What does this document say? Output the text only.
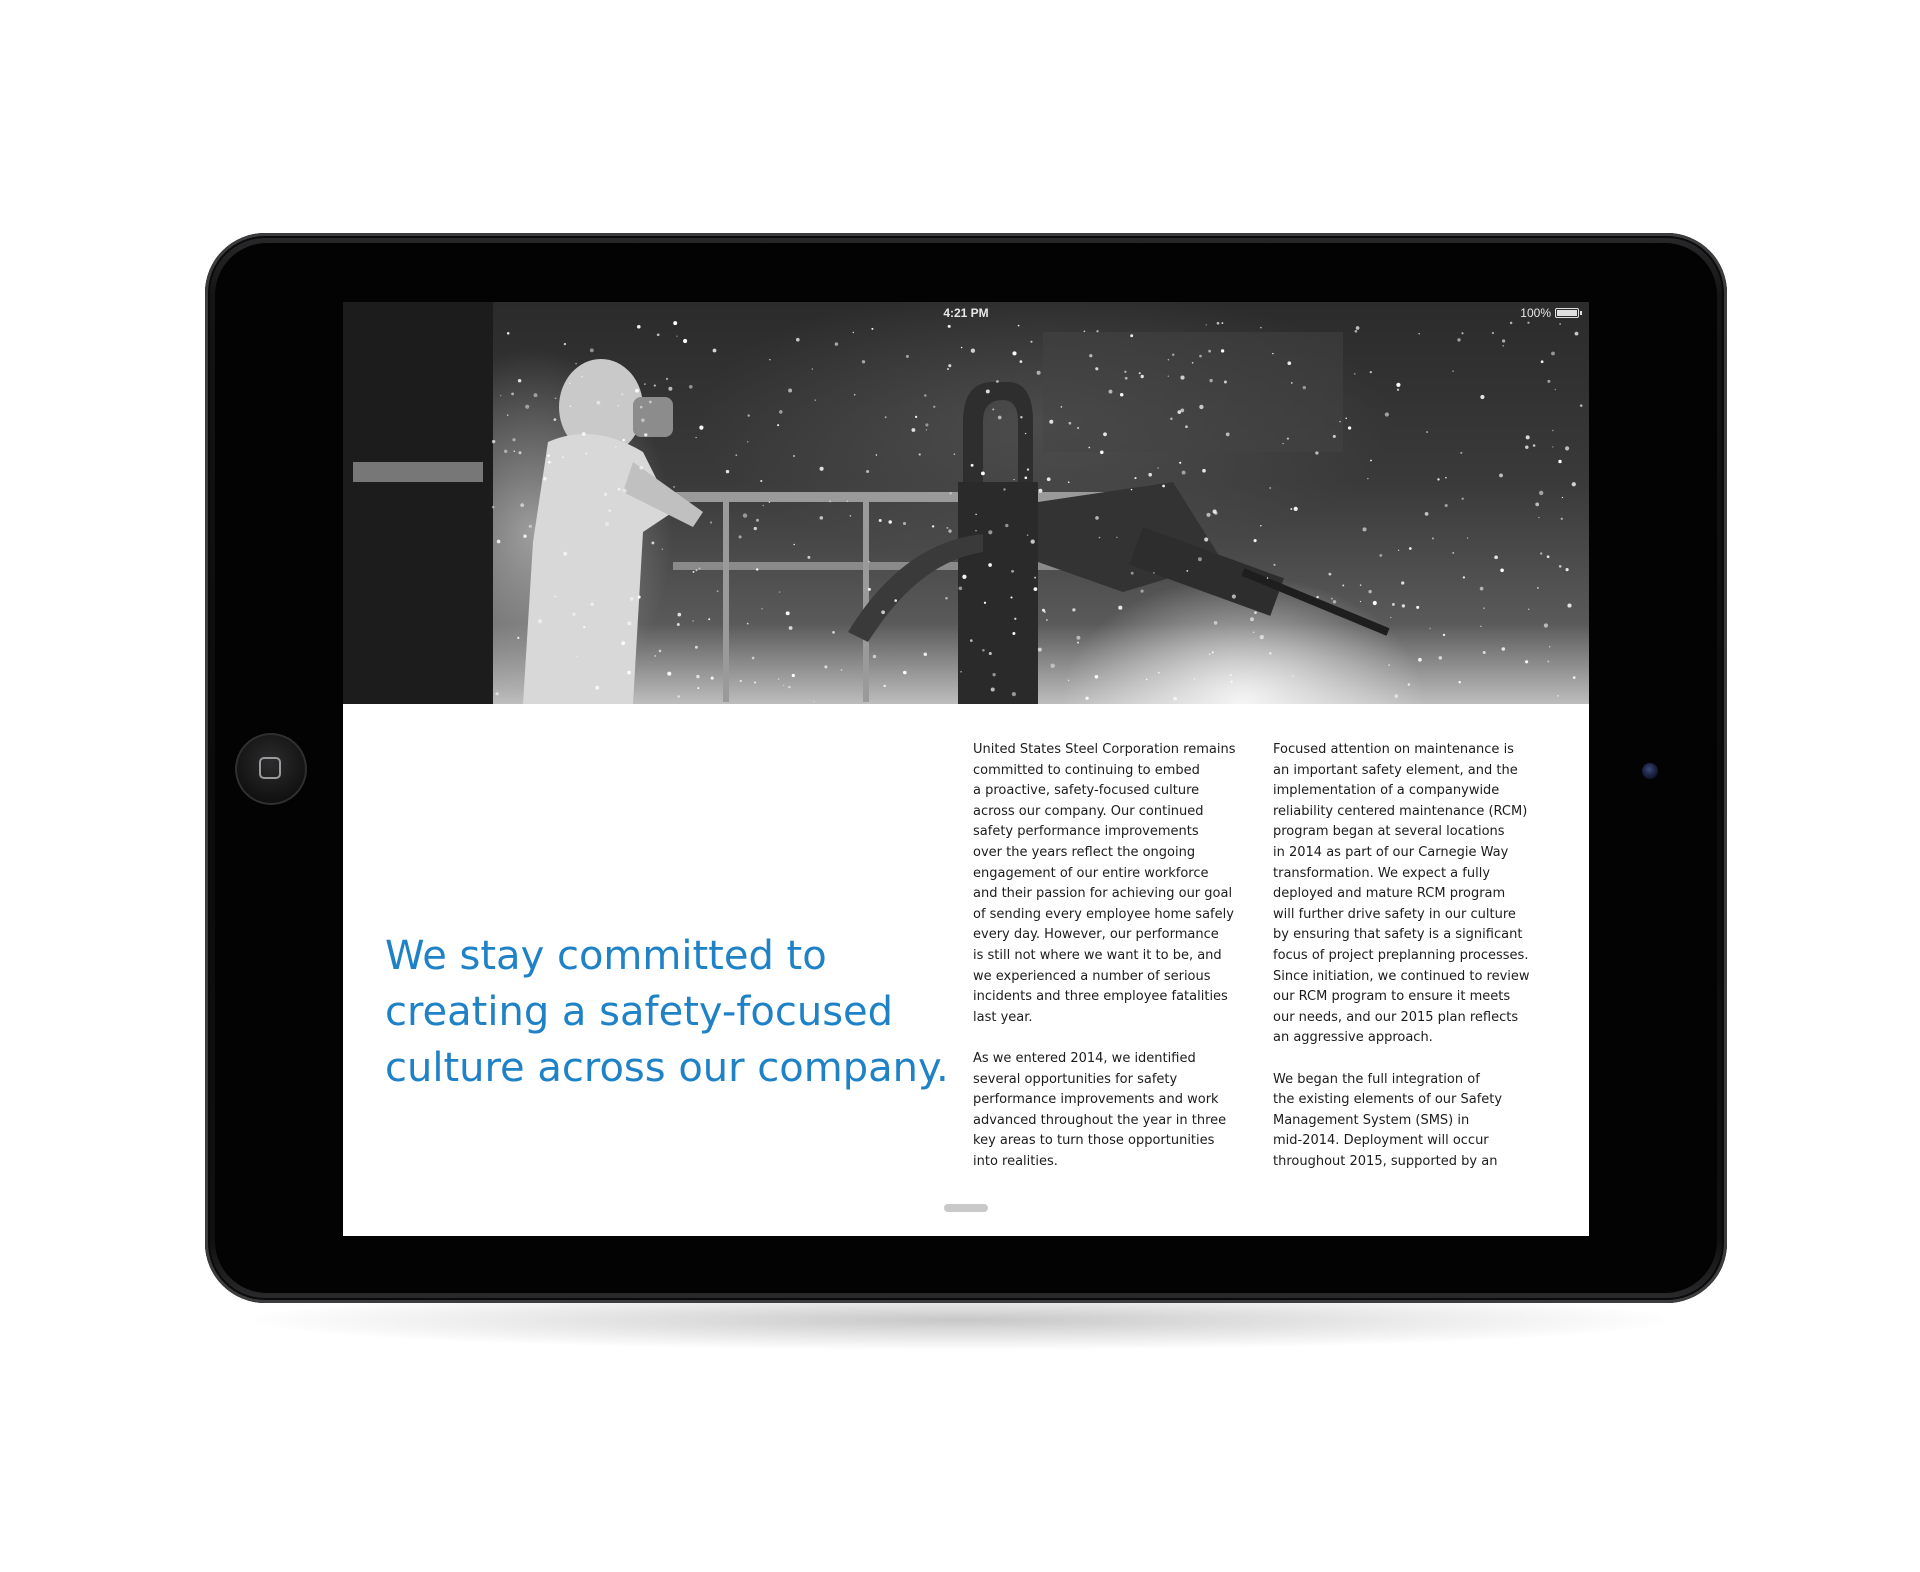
4:21 PM	100%
We stay committed to
creating a safety-focused
culture across our company.

United States Steel Corporation remains
committed to continuing to embed
a proactive, safety-focused culture
across our company. Our continued
safety performance improvements
over the years reflect the ongoing
engagement of our entire workforce
and their passion for achieving our goal
of sending every employee home safely
every day. However, our performance
is still not where we want it to be, and
we experienced a number of serious
incidents and three employee fatalities
last year.

As we entered 2014, we identified
several opportunities for safety
performance improvements and work
advanced throughout the year in three
key areas to turn those opportunities
into realities.

Focused attention on maintenance is
an important safety element, and the
implementation of a companywide
reliability centered maintenance (RCM)
program began at several locations
in 2014 as part of our Carnegie Way
transformation. We expect a fully
deployed and mature RCM program
will further drive safety in our culture
by ensuring that safety is a significant
focus of project preplanning processes.
Since initiation, we continued to review
our RCM program to ensure it meets
our needs, and our 2015 plan reflects
an aggressive approach.

We began the full integration of
the existing elements of our Safety
Management System (SMS) in
mid-2014. Deployment will occur
throughout 2015, supported by an
